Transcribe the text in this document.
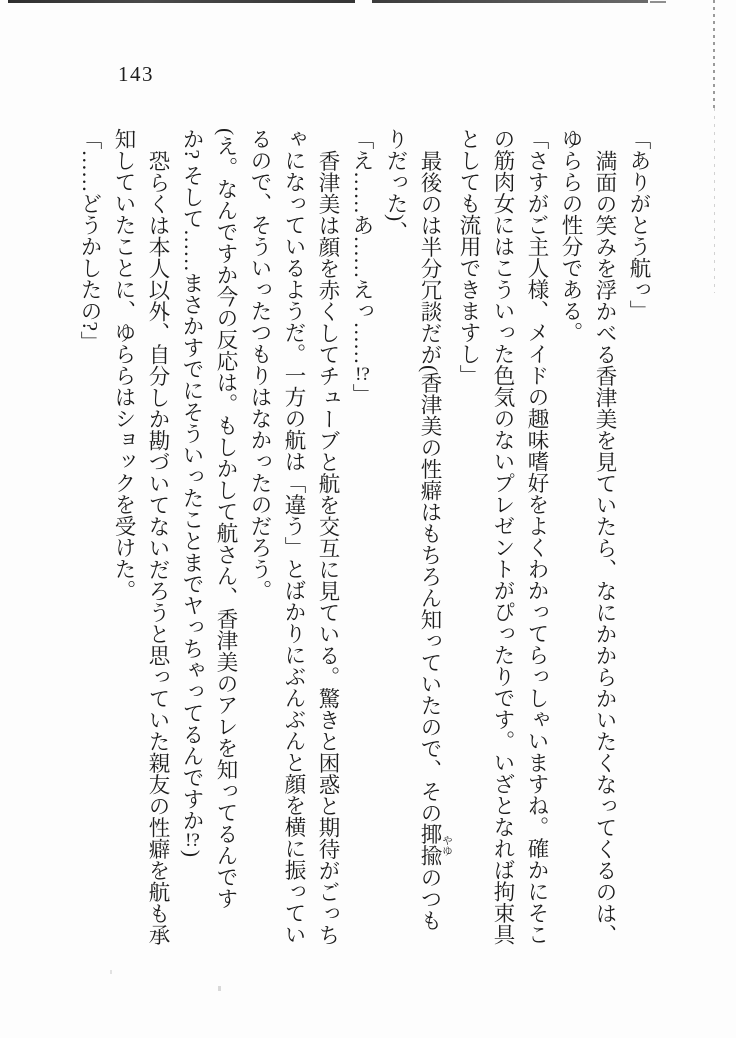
143

「ありがとう航っ」

満面の笑みを浮かべる香津美を見ていたら、なにかからかいたくなってくるのは、

ゆららの性分である。

「さすがご主人様、メイドの趣味嗜好をよくわかってらっしゃいますね。確かにそこ

の筋肉女にはこういった色気のないプレゼントがぴったりです。いざとなれば拘束具

としても流用できますし」

最後のは半分冗談だが(香津美の性癖はもちろん知っていたので、その揶揄 やゆのつも

りだった)、

「え……あ……えっ……!?」

香津美は顔を赤くしてチューブと航を交互に見ている。驚きと困惑と期待がごっち

ゃになっているようだ。一方の航は「違う」とばかりにぶんぶんと顔を横に振ってい

るので、そういったつもりはなかったのだろう。

(え。なんですか今の反応は。もしかして航さん、香津美のアレを知ってるんです

か? そして……まさかすでにそういったことまでヤっちゃってるんですか!?)

恐らくは本人以外、自分しか勘づいてないだろうと思っていた親友の性癖を航も承

知していたことに、ゆららはショックを受けた。

「……どうかしたの?」
